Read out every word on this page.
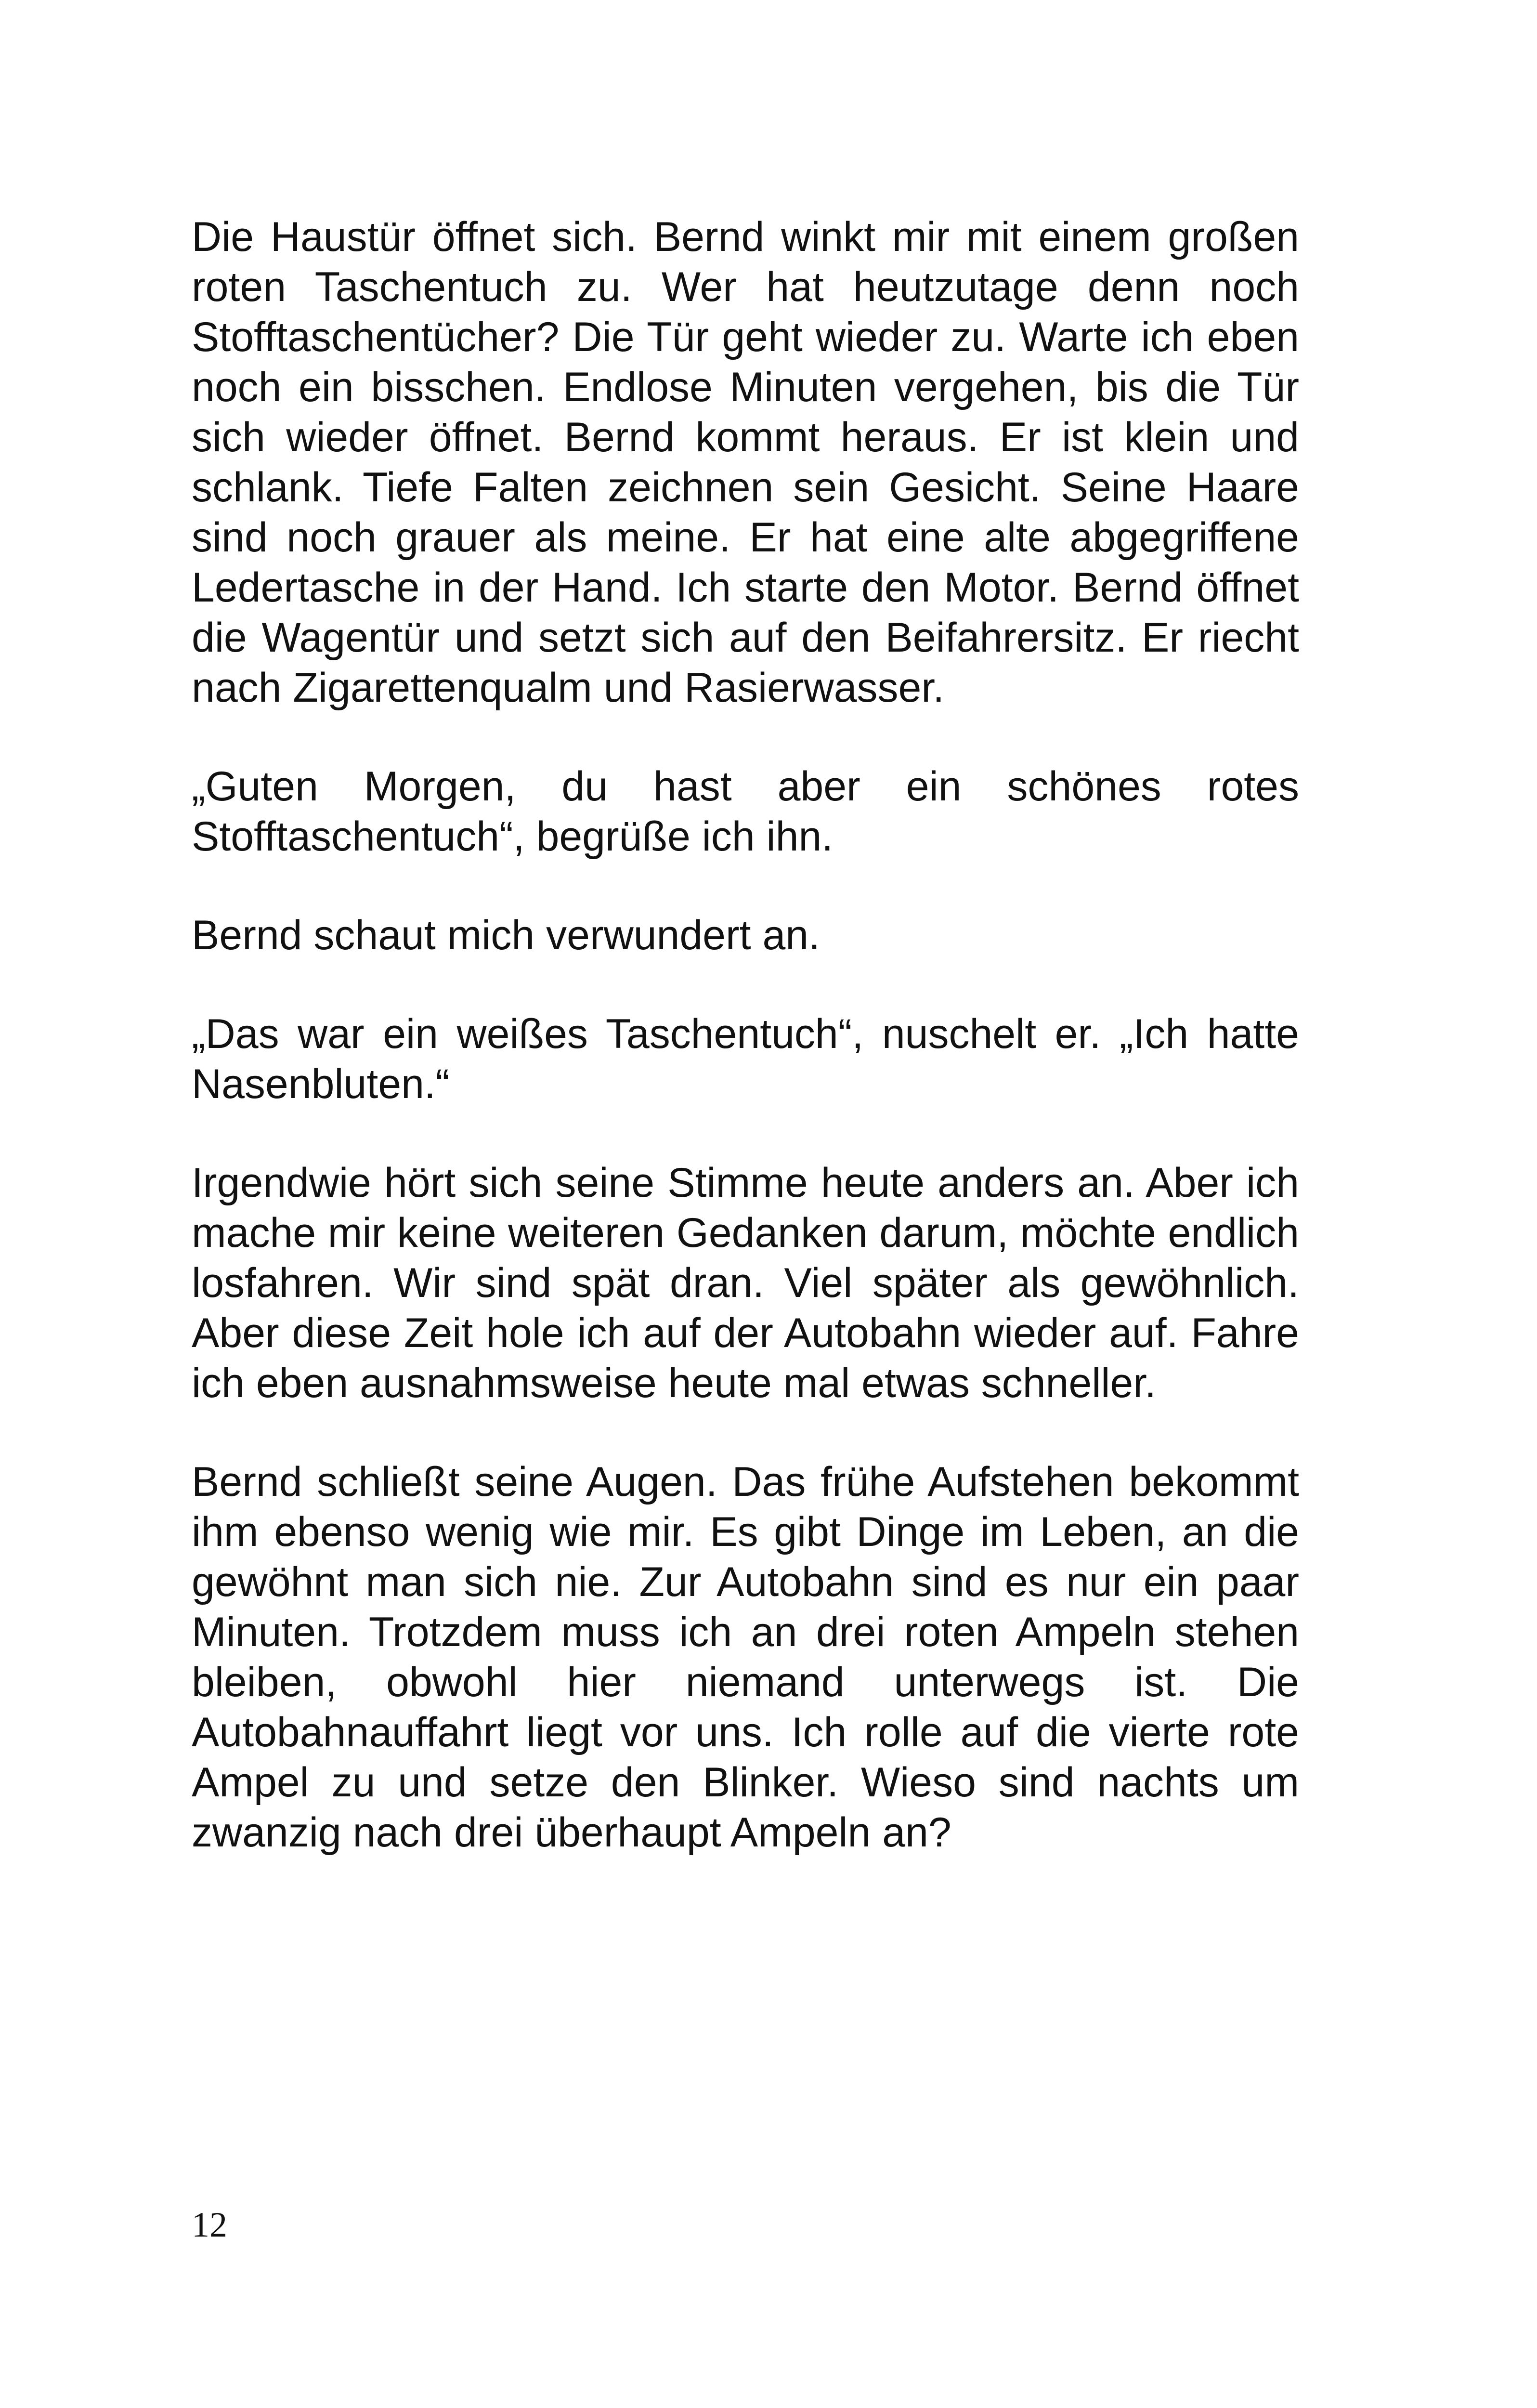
Die Haustür öffnet sich. Bernd winkt mir mit einem großen roten Taschentuch zu. Wer hat heutzutage denn noch Stofftaschentücher? Die Tür geht wieder zu. Warte ich eben noch ein bisschen. Endlose Minuten vergehen, bis die Tür sich wieder öffnet. Bernd kommt heraus. Er ist klein und schlank. Tiefe Falten zeichnen sein Gesicht. Seine Haare sind noch grauer als meine. Er hat eine alte abgegriffene Ledertasche in der Hand. Ich starte den Motor. Bernd öffnet die Wagentür und setzt sich auf den Beifahrersitz. Er riecht nach Zigarettenqualm und Rasierwasser.

„Guten Morgen, du hast aber ein schönes rotes Stofftaschentuch“, begrüße ich ihn.

Bernd schaut mich verwundert an.

„Das war ein weißes Taschentuch“, nuschelt er. „Ich hatte Nasenbluten.“

Irgendwie hört sich seine Stimme heute anders an. Aber ich mache mir keine weiteren Gedanken darum, möchte endlich losfahren. Wir sind spät dran. Viel später als gewöhnlich. Aber diese Zeit hole ich auf der Autobahn wieder auf. Fahre ich eben ausnahmsweise heute mal etwas schneller.

Bernd schließt seine Augen. Das frühe Aufstehen bekommt ihm ebenso wenig wie mir. Es gibt Dinge im Leben, an die gewöhnt man sich nie. Zur Autobahn sind es nur ein paar Minuten. Trotzdem muss ich an drei roten Ampeln stehen bleiben, obwohl hier niemand unterwegs ist. Die Autobahnauffahrt liegt vor uns. Ich rolle auf die vierte rote Ampel zu und setze den Blinker. Wieso sind nachts um zwanzig nach drei überhaupt Ampeln an?

12
